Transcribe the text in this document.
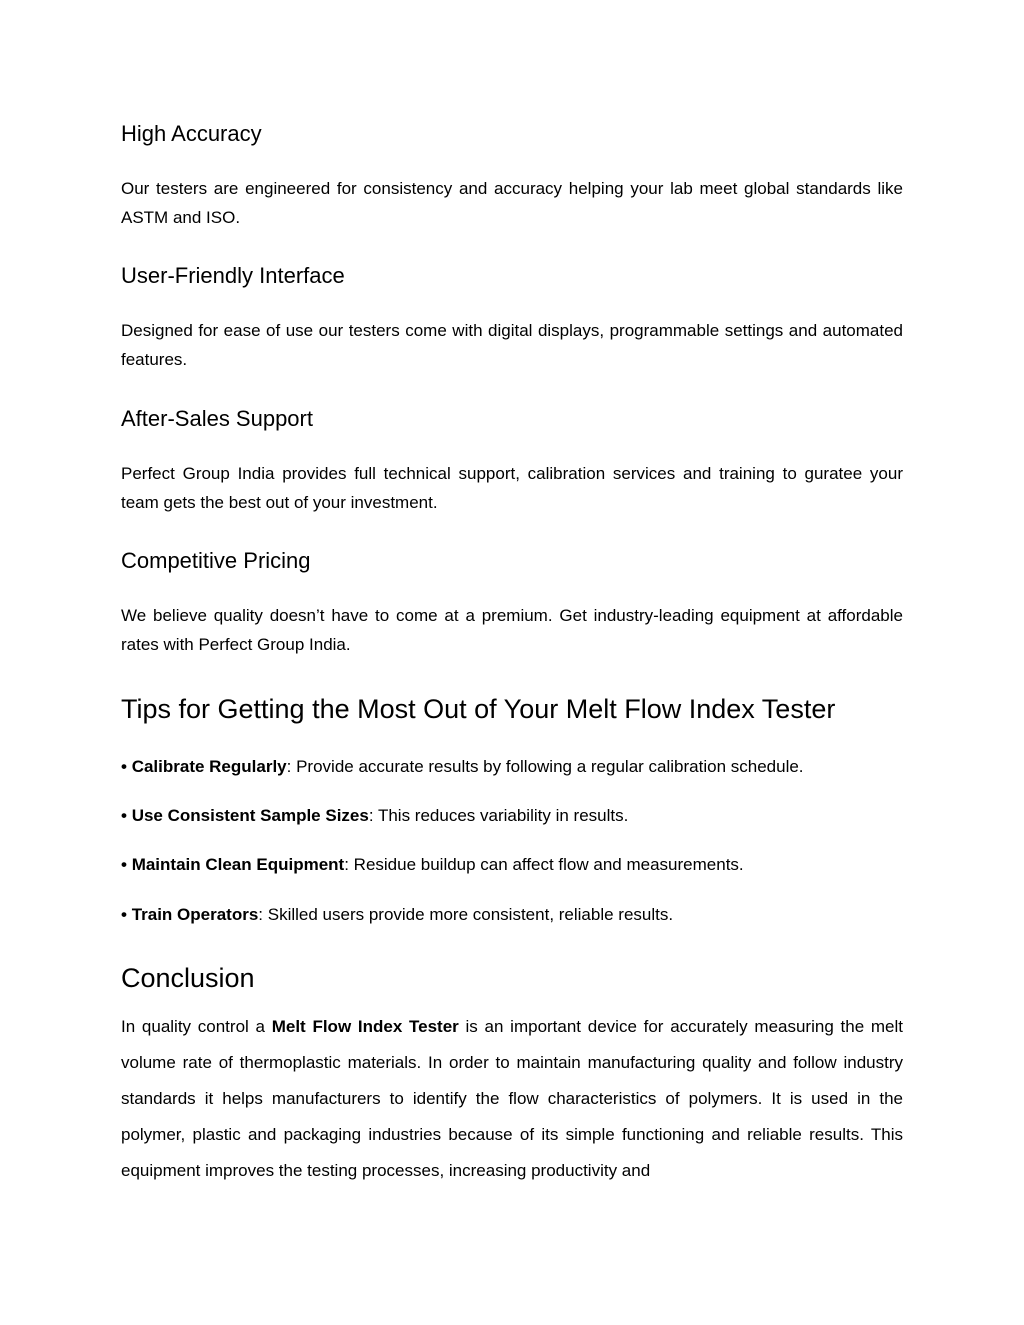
High Accuracy

Our testers are engineered for consistency and accuracy helping your lab meet global standards like ASTM and ISO.

User-Friendly Interface

Designed for ease of use our testers come with digital displays, programmable settings and automated features.

After-Sales Support

Perfect Group India provides full technical support, calibration services and training to guratee your team gets the best out of your investment.

Competitive Pricing

We believe quality doesn’t have to come at a premium. Get industry-leading equipment at affordable rates with Perfect Group India.

Tips for Getting the Most Out of Your Melt Flow Index Tester

• Calibrate Regularly: Provide accurate results by following a regular calibration schedule.

• Use Consistent Sample Sizes: This reduces variability in results.

• Maintain Clean Equipment: Residue buildup can affect flow and measurements.

• Train Operators: Skilled users provide more consistent, reliable results.

Conclusion

In quality control a Melt Flow Index Tester is an important device for accurately measuring the melt volume rate of thermoplastic materials. In order to maintain manufacturing quality and follow industry standards it helps manufacturers to identify the flow characteristics of polymers. It is used in the polymer, plastic and packaging industries because of its simple functioning and reliable results. This equipment improves the testing processes, increasing productivity and
